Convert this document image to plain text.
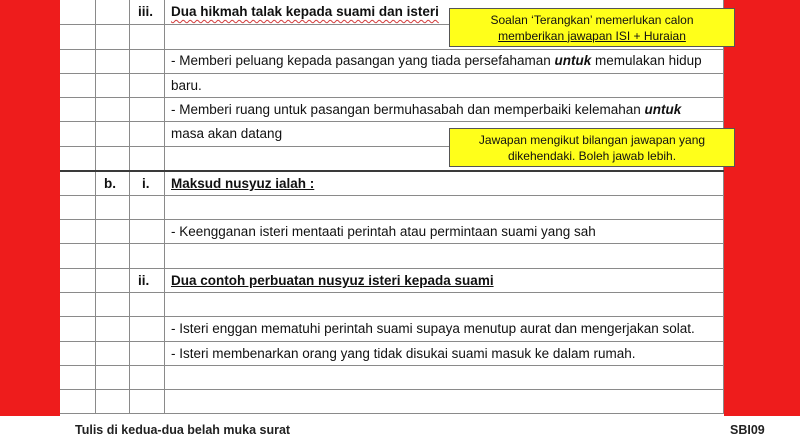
iii. Dua hikmah talak kepada suami dan isteri
- Memberi peluang kepada pasangan yang tiada persefahaman untuk memulakan hidup
baru.
- Memberi ruang untuk pasangan bermuhasabah dan memperbaiki kelemahan untuk
masa akan datang
b. i. Maksud nusyuz ialah :
- Keengganan isteri mentaati perintah atau permintaan suami yang sah
ii. Dua contoh perbuatan nusyuz isteri kepada suami
- Isteri enggan mematuhi perintah suami supaya menutup aurat dan mengerjakan solat.
- Isteri membenarkan orang yang tidak disukai suami masuk ke dalam rumah.
Soalan ‘Terangkan’ memerlukan calon
memberikan jawapan ISI + Huraian
Jawapan mengikut bilangan jawapan yang
dikehendaki. Boleh jawab lebih.
Tulis di kedua-dua belah muka surat	SBI09
